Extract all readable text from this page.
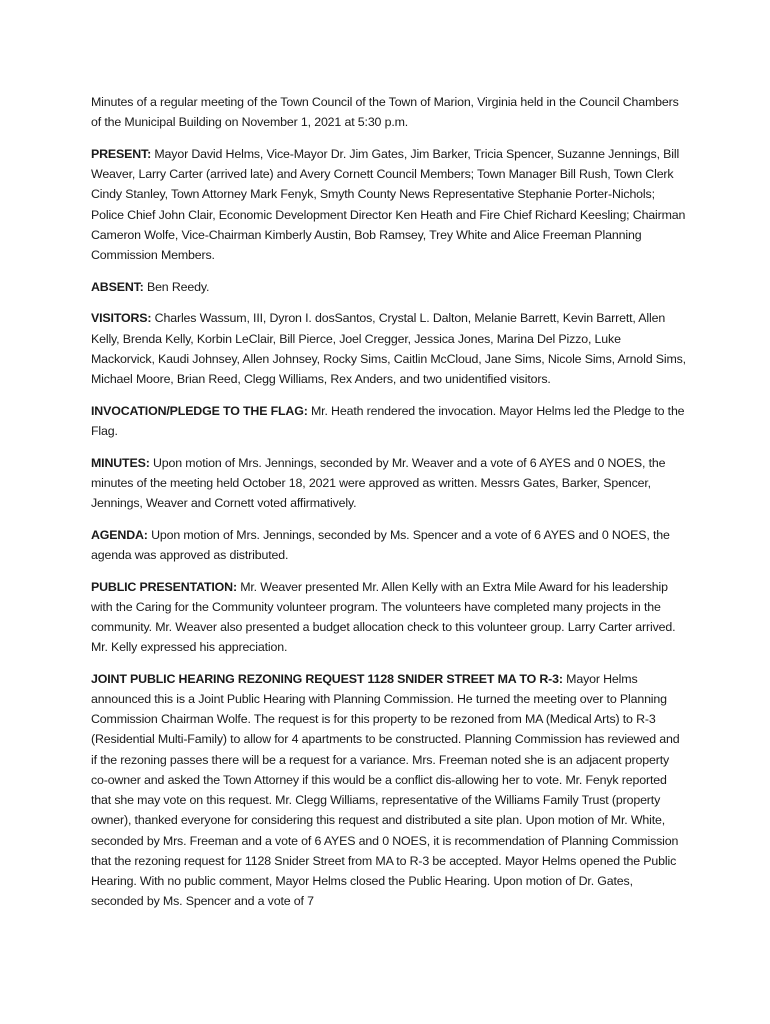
Minutes of a regular meeting of the Town Council of the Town of Marion, Virginia held in the Council Chambers of the Municipal Building on November 1, 2021 at 5:30 p.m.

PRESENT: Mayor David Helms, Vice-Mayor Dr. Jim Gates, Jim Barker, Tricia Spencer, Suzanne Jennings, Bill Weaver, Larry Carter (arrived late) and Avery Cornett Council Members; Town Manager Bill Rush, Town Clerk Cindy Stanley, Town Attorney Mark Fenyk, Smyth County News Representative Stephanie Porter-Nichols; Police Chief John Clair, Economic Development Director Ken Heath and Fire Chief Richard Keesling; Chairman Cameron Wolfe, Vice-Chairman Kimberly Austin, Bob Ramsey, Trey White and Alice Freeman Planning Commission Members.

ABSENT: Ben Reedy.

VISITORS: Charles Wassum, III, Dyron I. dosSantos, Crystal L. Dalton, Melanie Barrett, Kevin Barrett, Allen Kelly, Brenda Kelly, Korbin LeClair, Bill Pierce, Joel Cregger, Jessica Jones, Marina Del Pizzo, Luke Mackorvick, Kaudi Johnsey, Allen Johnsey, Rocky Sims, Caitlin McCloud, Jane Sims, Nicole Sims, Arnold Sims, Michael Moore, Brian Reed, Clegg Williams, Rex Anders, and two unidentified visitors.

INVOCATION/PLEDGE TO THE FLAG: Mr. Heath rendered the invocation. Mayor Helms led the Pledge to the Flag.

MINUTES: Upon motion of Mrs. Jennings, seconded by Mr. Weaver and a vote of 6 AYES and 0 NOES, the minutes of the meeting held October 18, 2021 were approved as written. Messrs Gates, Barker, Spencer, Jennings, Weaver and Cornett voted affirmatively.

AGENDA: Upon motion of Mrs. Jennings, seconded by Ms. Spencer and a vote of 6 AYES and 0 NOES, the agenda was approved as distributed.

PUBLIC PRESENTATION: Mr. Weaver presented Mr. Allen Kelly with an Extra Mile Award for his leadership with the Caring for the Community volunteer program. The volunteers have completed many projects in the community. Mr. Weaver also presented a budget allocation check to this volunteer group. Larry Carter arrived. Mr. Kelly expressed his appreciation.

JOINT PUBLIC HEARING REZONING REQUEST 1128 SNIDER STREET MA TO R-3: Mayor Helms announced this is a Joint Public Hearing with Planning Commission. He turned the meeting over to Planning Commission Chairman Wolfe. The request is for this property to be rezoned from MA (Medical Arts) to R-3 (Residential Multi-Family) to allow for 4 apartments to be constructed. Planning Commission has reviewed and if the rezoning passes there will be a request for a variance. Mrs. Freeman noted she is an adjacent property co-owner and asked the Town Attorney if this would be a conflict dis-allowing her to vote. Mr. Fenyk reported that she may vote on this request. Mr. Clegg Williams, representative of the Williams Family Trust (property owner), thanked everyone for considering this request and distributed a site plan. Upon motion of Mr. White, seconded by Mrs. Freeman and a vote of 6 AYES and 0 NOES, it is recommendation of Planning Commission that the rezoning request for 1128 Snider Street from MA to R-3 be accepted. Mayor Helms opened the Public Hearing. With no public comment, Mayor Helms closed the Public Hearing. Upon motion of Dr. Gates, seconded by Ms. Spencer and a vote of 7
